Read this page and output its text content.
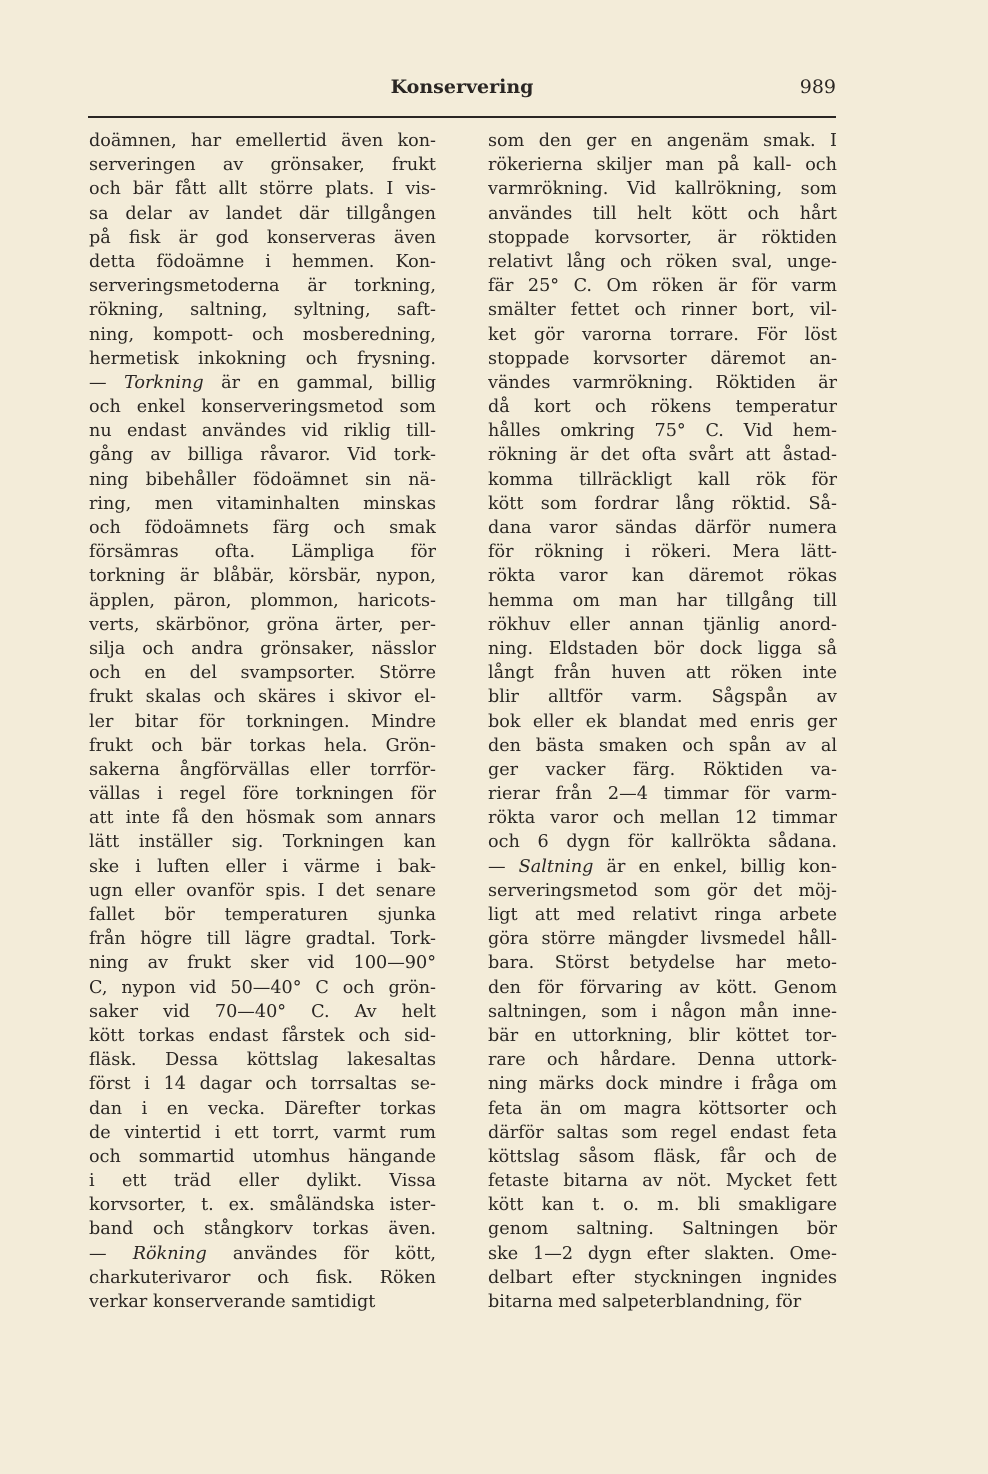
Konservering	989
doämnen, har emellertid även kon-
serveringen av grönsaker, frukt
och bär fått allt större plats. I vis-
sa delar av landet där tillgången
på fisk är god konserveras även
detta födoämne i hemmen. Kon-
serveringsmetoderna är torkning,
rökning, saltning, syltning, saft-
ning, kompott- och mosberedning,
hermetisk inkokning och frysning.
— Torkning är en gammal, billig
och enkel konserveringsmetod som
nu endast användes vid riklig till-
gång av billiga råvaror. Vid tork-
ning bibehåller födoämnet sin nä-
ring, men vitaminhalten minskas
och födoämnets färg och smak
försämras ofta. Lämpliga för
torkning är blåbär, körsbär, nypon,
äpplen, päron, plommon, haricots-
verts, skärbönor, gröna ärter, per-
silja och andra grönsaker, nässlor
och en del svampsorter. Större
frukt skalas och skäres i skivor el-
ler bitar för torkningen. Mindre
frukt och bär torkas hela. Grön-
sakerna ångförvällas eller torrför-
vällas i regel före torkningen för
att inte få den hösmak som annars
lätt inställer sig. Torkningen kan
ske i luften eller i värme i bak-
ugn eller ovanför spis. I det senare
fallet bör temperaturen sjunka
från högre till lägre gradtal. Tork-
ning av frukt sker vid 100—90°
C, nypon vid 50—40° C och grön-
saker vid 70—40° C. Av helt
kött torkas endast fårstek och sid-
fläsk. Dessa köttslag lakesaltas
först i 14 dagar och torrsaltas se-
dan i en vecka. Därefter torkas
de vintertid i ett torrt, varmt rum
och sommartid utomhus hängande
i ett träd eller dylikt. Vissa
korvsorter, t. ex. småländska ister-
band och stångkorv torkas även.
— Rökning användes för kött,
charkuterivaror och fisk. Röken
verkar konserverande samtidigt
som den ger en angenäm smak. I
rökerierna skiljer man på kall- och
varmrökning. Vid kallrökning, som
användes till helt kött och hårt
stoppade korvsorter, är röktiden
relativt lång och röken sval, unge-
fär 25° C. Om röken är för varm
smälter fettet och rinner bort, vil-
ket gör varorna torrare. För löst
stoppade korvsorter däremot an-
vändes varmrökning. Röktiden är
då kort och rökens temperatur
hålles omkring 75° C. Vid hem-
rökning är det ofta svårt att åstad-
komma tillräckligt kall rök för
kött som fordrar lång röktid. Så-
dana varor sändas därför numera
för rökning i rökeri. Mera lätt-
rökta varor kan däremot rökas
hemma om man har tillgång till
rökhuv eller annan tjänlig anord-
ning. Eldstaden bör dock ligga så
långt från huven att röken inte
blir alltför varm. Sågspån av
bok eller ek blandat med enris ger
den bästa smaken och spån av al
ger vacker färg. Röktiden va-
rierar från 2—4 timmar för varm-
rökta varor och mellan 12 timmar
och 6 dygn för kallrökta sådana.
— Saltning är en enkel, billig kon-
serveringsmetod som gör det möj-
ligt att med relativt ringa arbete
göra större mängder livsmedel håll-
bara. Störst betydelse har meto-
den för förvaring av kött. Genom
saltningen, som i någon mån inne-
bär en uttorkning, blir köttet tor-
rare och hårdare. Denna uttork-
ning märks dock mindre i fråga om
feta än om magra köttsorter och
därför saltas som regel endast feta
köttslag såsom fläsk, får och de
fetaste bitarna av nöt. Mycket fett
kött kan t. o. m. bli smakligare
genom saltning. Saltningen bör
ske 1—2 dygn efter slakten. Ome-
delbart efter styckningen ingnides
bitarna med salpeterblandning, för
